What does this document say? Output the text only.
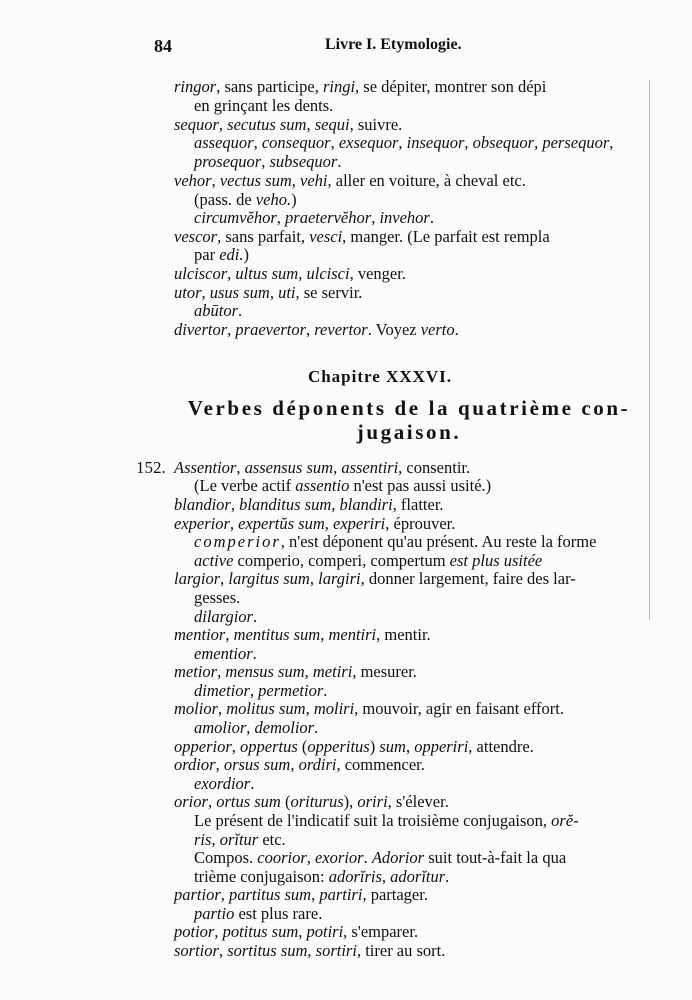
84	Livre I. Etymologie.
ringor, sans participe, ringi, se dépiter, montrer son dépi
en grinçant les dents.
sequor, secutus sum, sequi, suivre.
assequor, consequor, exsequor, insequor, obsequor, persequor,
prosequor, subsequor.
vehor, vectus sum, vehi, aller en voiture, à cheval etc.
(pass. de veho.)
circumvĕhor, praetervĕhor, invehor.
vescor, sans parfait, vesci, manger. (Le parfait est rempla
par edi.)
ulciscor, ultus sum, ulcisci, venger.
utor, usus sum, uti, se servir.
abūtor.
divertor, praevertor, revertor. Voyez verto.
Chapitre XXXVI.
Verbes déponents de la quatrième con-
jugaison.
152. Assentior, assensus sum, assentiri, consentir.
(Le verbe actif assentio n'est pas aussi usité.)
blandior, blanditus sum, blandiri, flatter.
experior, expertŭs sum, experiri, éprouver.
comperior, n'est déponent qu'au présent. Au reste la forme
active comperio, comperi, compertum est plus usitée
largior, largitus sum, largiri, donner largement, faire des lar-
gesses.
dilargior.
mentior, mentitus sum, mentiri, mentir.
ementior.
metior, mensus sum, metiri, mesurer.
dimetior, permetior.
molior, molitus sum, moliri, mouvoir, agir en faisant effort.
amolior, demolior.
opperior, oppertus (opperitus) sum, opperiri, attendre.
ordior, orsus sum, ordiri, commencer.
exordior.
orior, ortus sum (oriturus), oriri, s'élever.
Le présent de l'indicatif suit la troisième conjugaison, orĕ-
ris, orĭtur etc.
Compos. coorior, exorior. Adorior suit tout-à-fait la qua
trième conjugaison: adorĭris, adorĭtur.
partior, partitus sum, partiri, partager.
partio est plus rare.
potior, potitus sum, potiri, s'emparer.
sortior, sortitus sum, sortiri, tirer au sort.
